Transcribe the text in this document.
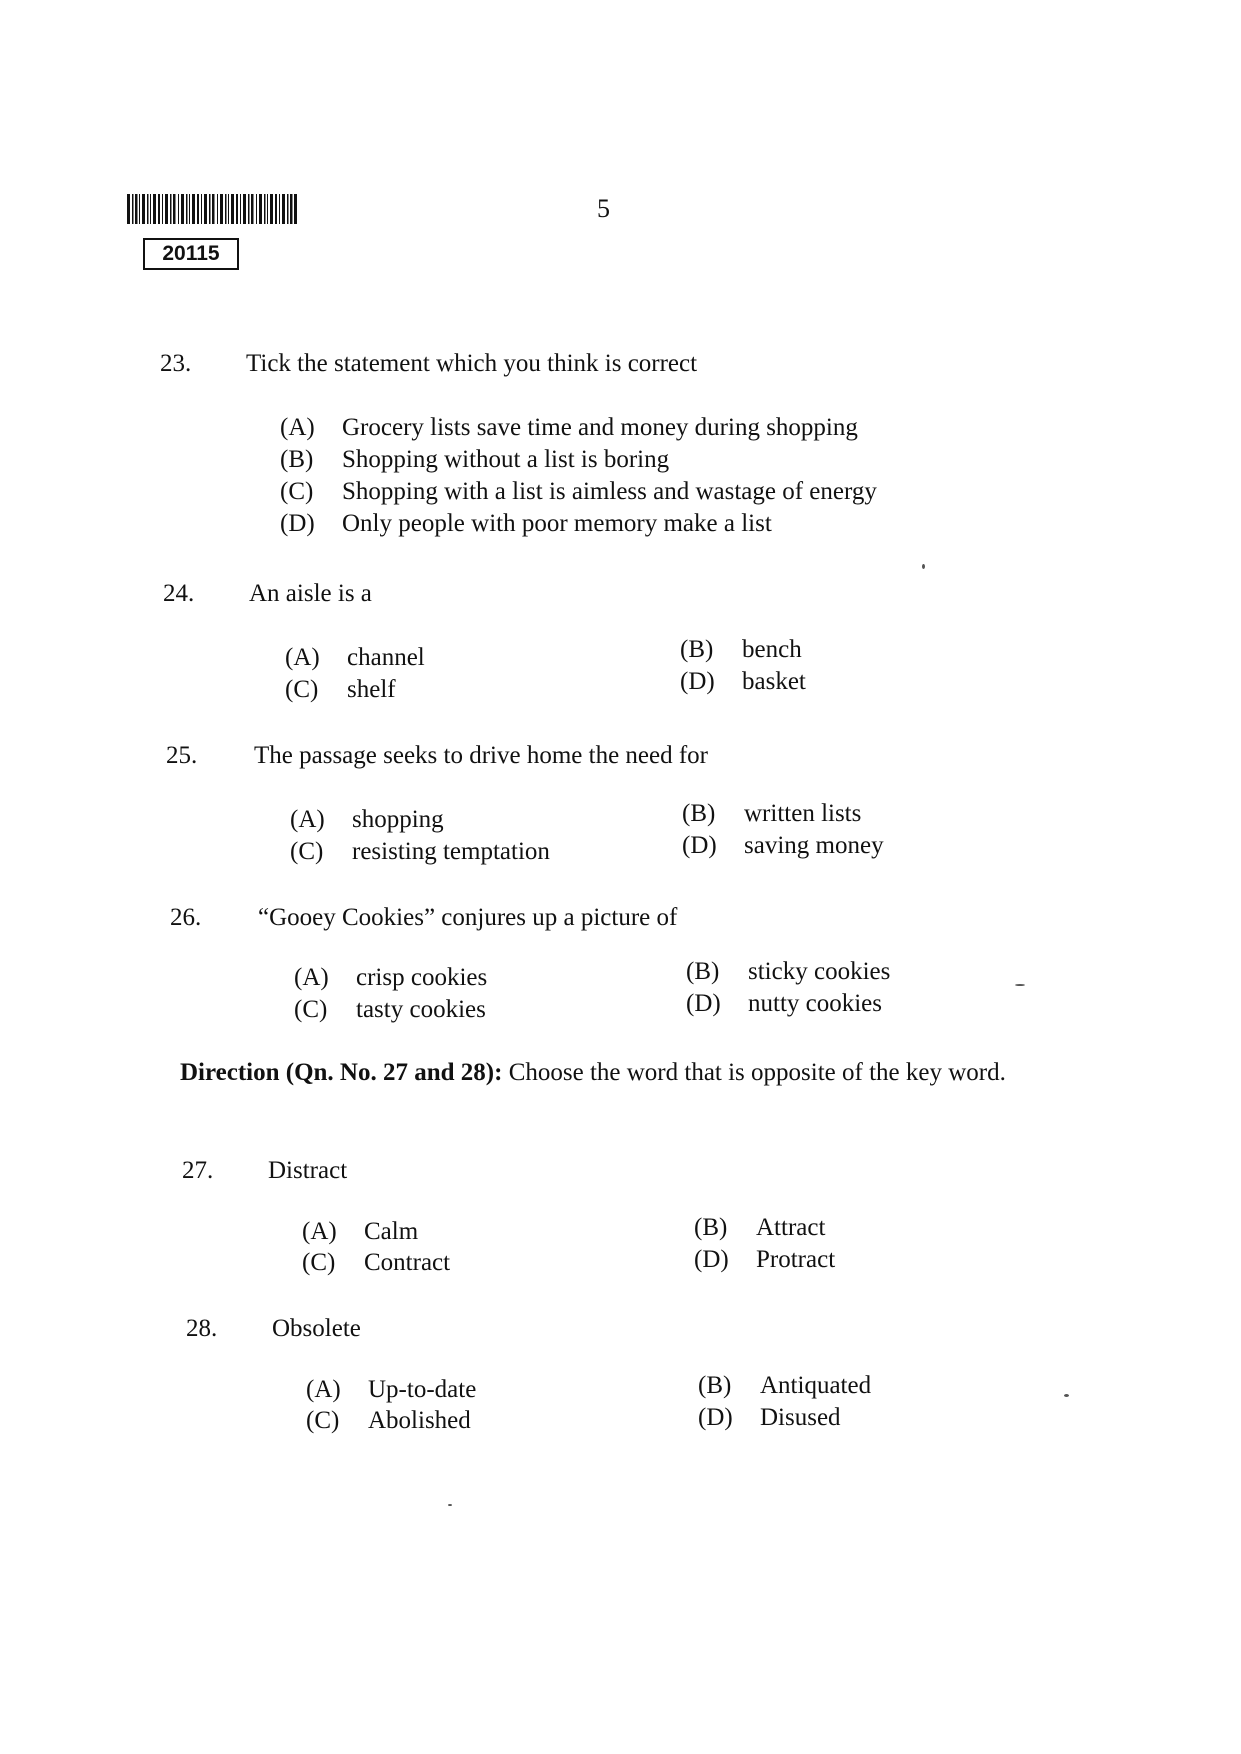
20115
5
23. Tick the statement which you think is correct
(A) Grocery lists save time and money during shopping
(B) Shopping without a list is boring
(C) Shopping with a list is aimless and wastage of energy
(D) Only people with poor memory make a list
24. An aisle is a
(A) channel	(B) bench
(C) shelf	(D) basket
25. The passage seeks to drive home the need for
(A) shopping	(B) written lists
(C) resisting temptation	(D) saving money
26. “Gooey Cookies” conjures up a picture of
(A) crisp cookies	(B) sticky cookies
(C) tasty cookies	(D) nutty cookies
Direction (Qn. No. 27 and 28): Choose the word that is opposite of the key word.
27. Distract
(A) Calm	(B) Attract
(C) Contract	(D) Protract
28. Obsolete
(A) Up-to-date	(B) Antiquated
(C) Abolished	(D) Disused
